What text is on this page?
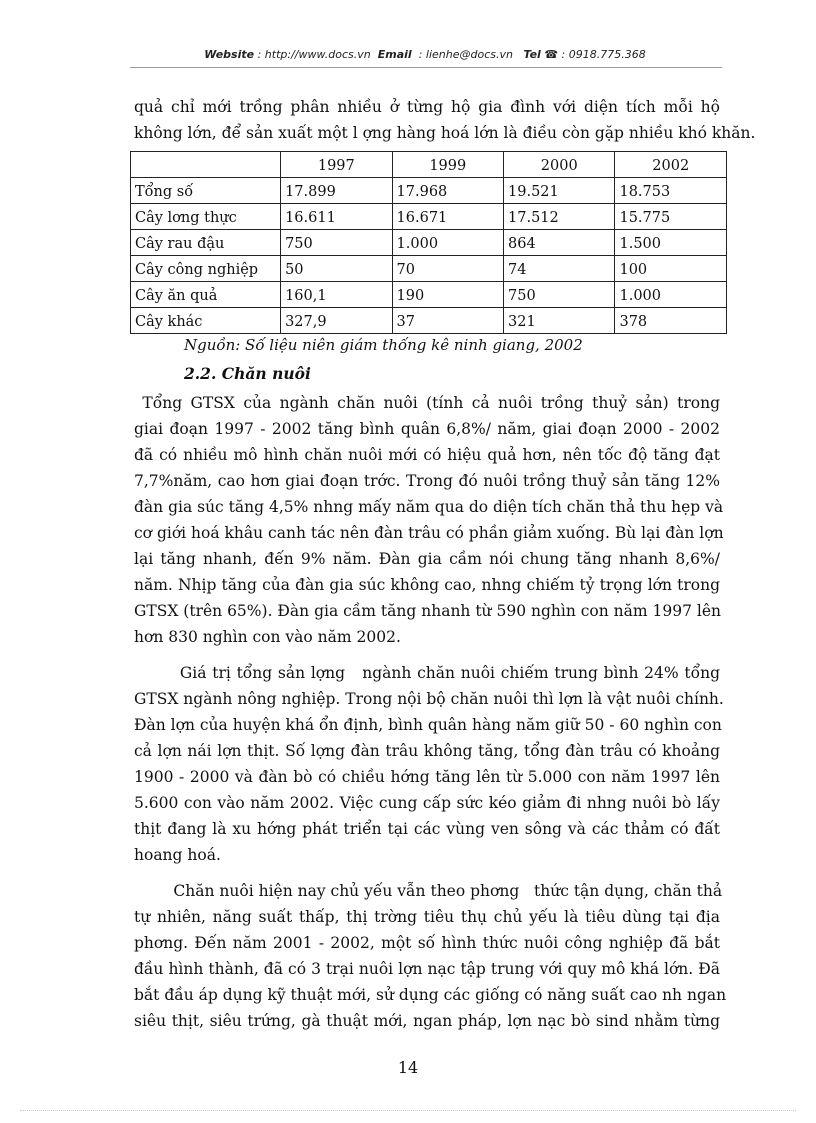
Website : http://www.docs.vn Email : lienhe@docs.vn Tel ☎ : 0918.775.368
quả chỉ mới trồng phân nhiều ở từng hộ gia đình với diện tích mỗi hộ
không lớn, để sản xuất một l ợng hàng hoá lớn là điều còn gặp nhiều khó khăn.
	1997	1999	2000	2002
Tổng số	17.899	17.968	19.521	18.753
Cây lơng thực	16.611	16.671	17.512	15.775
Cây rau đậu	750	1.000	864	1.500
Cây công nghiệp	50	70	74	100
Cây ăn quả	160,1	190	750	1.000
Cây khác	327,9	37	321	378
Nguồn: Số liệu niên giám thống kê ninh giang, 2002
2.2. Chăn nuôi
Tổng GTSX của ngành chăn nuôi (tính cả nuôi trồng thuỷ sản) trong
giai đoạn 1997 - 2002 tăng bình quân 6,8%/ năm, giai đoạn 2000 - 2002
đã có nhiều mô hình chăn nuôi mới có hiệu quả hơn, nên tốc độ tăng đạt
7,7%năm, cao hơn giai đoạn trớc. Trong đó nuôi trồng thuỷ sản tăng 12%
đàn gia súc tăng 4,5% nhng mấy năm qua do diện tích chăn thả thu hẹp và
cơ giới hoá khâu canh tác nên đàn trâu có phần giảm xuống. Bù lại đàn lợn
lại tăng nhanh, đến 9% năm. Đàn gia cầm nói chung tăng nhanh 8,6%/
năm. Nhịp tăng của đàn gia súc không cao, nhng chiếm tỷ trọng lớn trong
GTSX (trên 65%). Đàn gia cầm tăng nhanh từ 590 nghìn con năm 1997 lên
hơn 830 nghìn con vào năm 2002.
Giá trị tổng sản lợng   ngành chăn nuôi chiếm trung bình 24% tổng
GTSX ngành nông nghiệp. Trong nội bộ chăn nuôi thì lợn là vật nuôi chính.
Đàn lợn của huyện khá ổn định, bình quân hàng năm giữ 50 - 60 nghìn con
cả lợn nái lợn thịt. Số lợng đàn trâu không tăng, tổng đàn trâu có khoảng
1900 - 2000 và đàn bò có chiều hớng tăng lên từ 5.000 con năm 1997 lên
5.600 con vào năm 2002. Việc cung cấp sức kéo giảm đi nhng nuôi bò lấy
thịt đang là xu hớng phát triển tại các vùng ven sông và các thảm có đất
hoang hoá.
Chăn nuôi hiện nay chủ yếu vẫn theo phơng   thức tận dụng, chăn thả
tự nhiên, năng suất thấp, thị trờng tiêu thụ chủ yếu là tiêu dùng tại địa
phơng. Đến năm 2001 - 2002, một số hình thức nuôi công nghiệp đã bắt
đầu hình thành, đã có 3 trại nuôi lợn nạc tập trung với quy mô khá lớn. Đã
bắt đầu áp dụng kỹ thuật mới, sử dụng các giống có năng suất cao nh ngan
siêu thịt, siêu trứng, gà thuật mới, ngan pháp, lợn nạc bò sind nhằm từng
14
